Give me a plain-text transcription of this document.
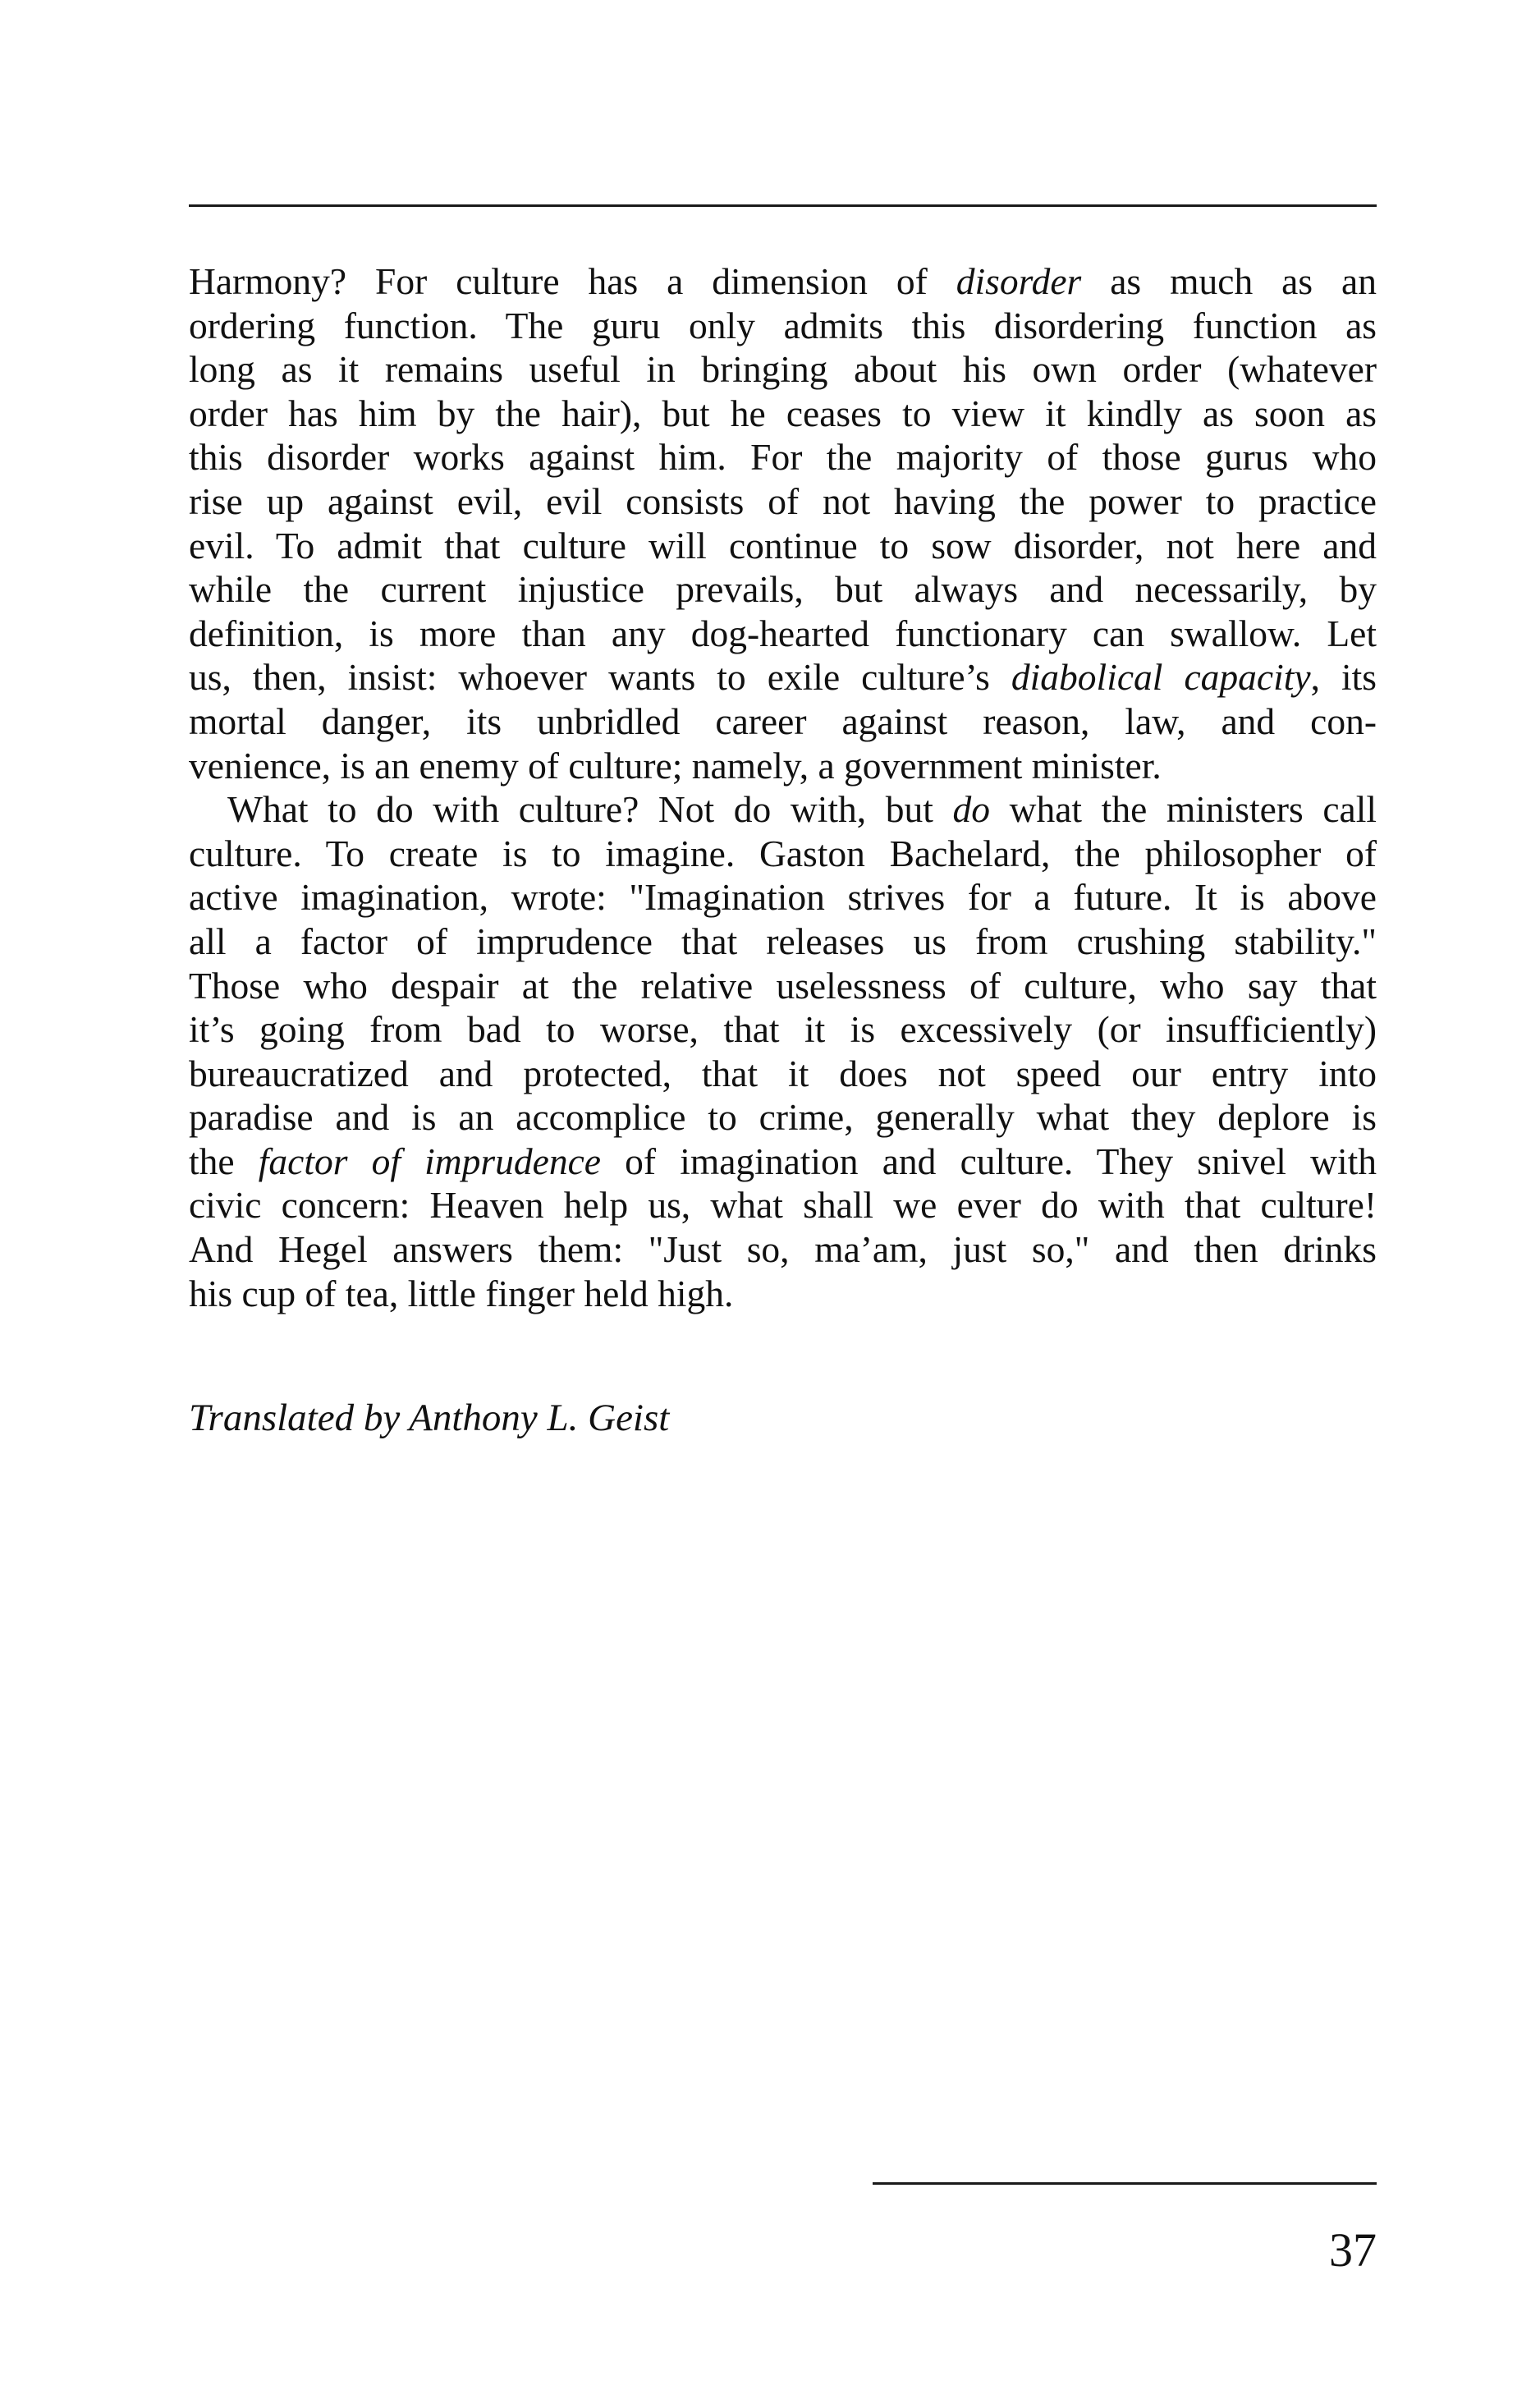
Harmony? For culture has a dimension of disorder as much as an
ordering function. The guru only admits this disordering function as
long as it remains useful in bringing about his own order (whatever
order has him by the hair), but he ceases to view it kindly as soon as
this disorder works against him. For the majority of those gurus who
rise up against evil, evil consists of not having the power to practice
evil. To admit that culture will continue to sow disorder, not here and
while the current injustice prevails, but always and necessarily, by
definition, is more than any dog-hearted functionary can swallow. Let
us, then, insist: whoever wants to exile culture’s diabolical capacity, its
mortal danger, its unbridled career against reason, law, and con-
venience, is an enemy of culture; namely, a government minister.

What to do with culture? Not do with, but do what the ministers call
culture. To create is to imagine. Gaston Bachelard, the philosopher of
active imagination, wrote: "Imagination strives for a future. It is above
all a factor of imprudence that releases us from crushing stability."
Those who despair at the relative uselessness of culture, who say that
it’s going from bad to worse, that it is excessively (or insufficiently)
bureaucratized and protected, that it does not speed our entry into
paradise and is an accomplice to crime, generally what they deplore is
the factor of imprudence of imagination and culture. They snivel with
civic concern: Heaven help us, what shall we ever do with that culture!
And Hegel answers them: "Just so, ma’am, just so," and then drinks
his cup of tea, little finger held high.

Translated by Anthony L. Geist
37
